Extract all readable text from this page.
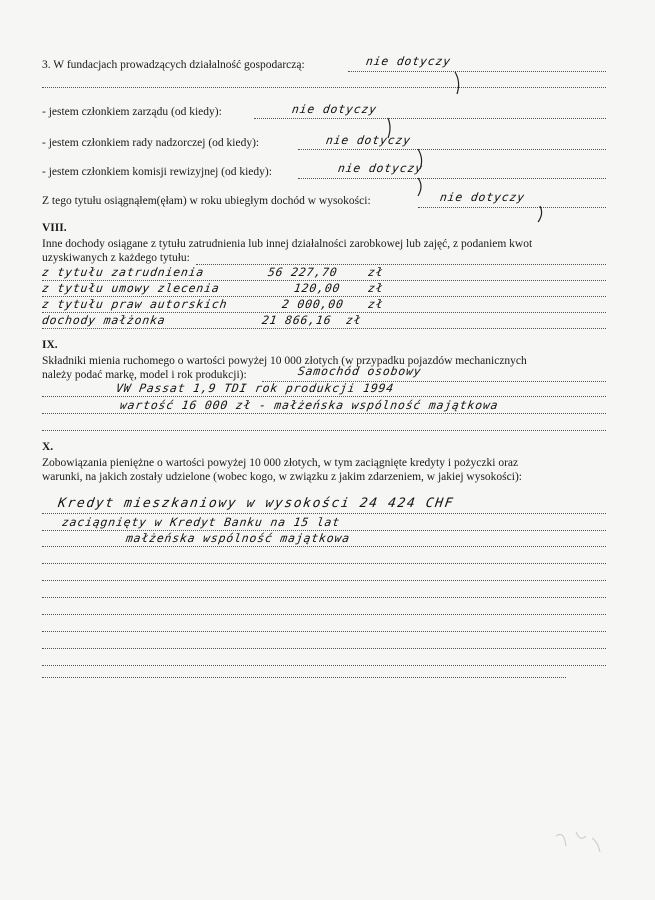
3. W fundacjach prowadzących działalność gospodarczą:	nie dotyczy
- jestem członkiem zarządu (od kiedy):	nie dotyczy
- jestem członkiem rady nadzorczej (od kiedy):	nie dotyczy
- jestem członkiem komisji rewizyjnej (od kiedy):	nie dotyczy
Z tego tytułu osiągnąłem(ęłam) w roku ubiegłym dochód w wysokości:	nie dotyczy
VIII.
Inne dochody osiągane z tytułu zatrudnienia lub innej działalności zarobkowej lub zajęć, z podaniem kwot
uzyskiwanych z każdego tytułu:
z tytułu zatrudnienia	56 227,70 zł
z tytułu umowy zlecenia	120,00 zł
z tytułu praw autorskich	2 000,00 zł
dochody małżonka	21 866,16 zł
IX.
Składniki mienia ruchomego o wartości powyżej 10 000 złotych (w przypadku pojazdów mechanicznych
należy podać markę, model i rok produkcji):	Samochód osobowy
VW Passat 1,9 TDI rok produkcji 1994
wartość 16 000 zł - małżeńska wspólność majątkowa
X.
Zobowiązania pieniężne o wartości powyżej 10 000 złotych, w tym zaciągnięte kredyty i pożyczki oraz
warunki, na jakich zostały udzielone (wobec kogo, w związku z jakim zdarzeniem, w jakiej wysokości):
Kredyt mieszkaniowy w wysokości 24 424 CHF
zaciągnięty w Kredyt Banku na 15 lat
małżeńska wspólność majątkowa
